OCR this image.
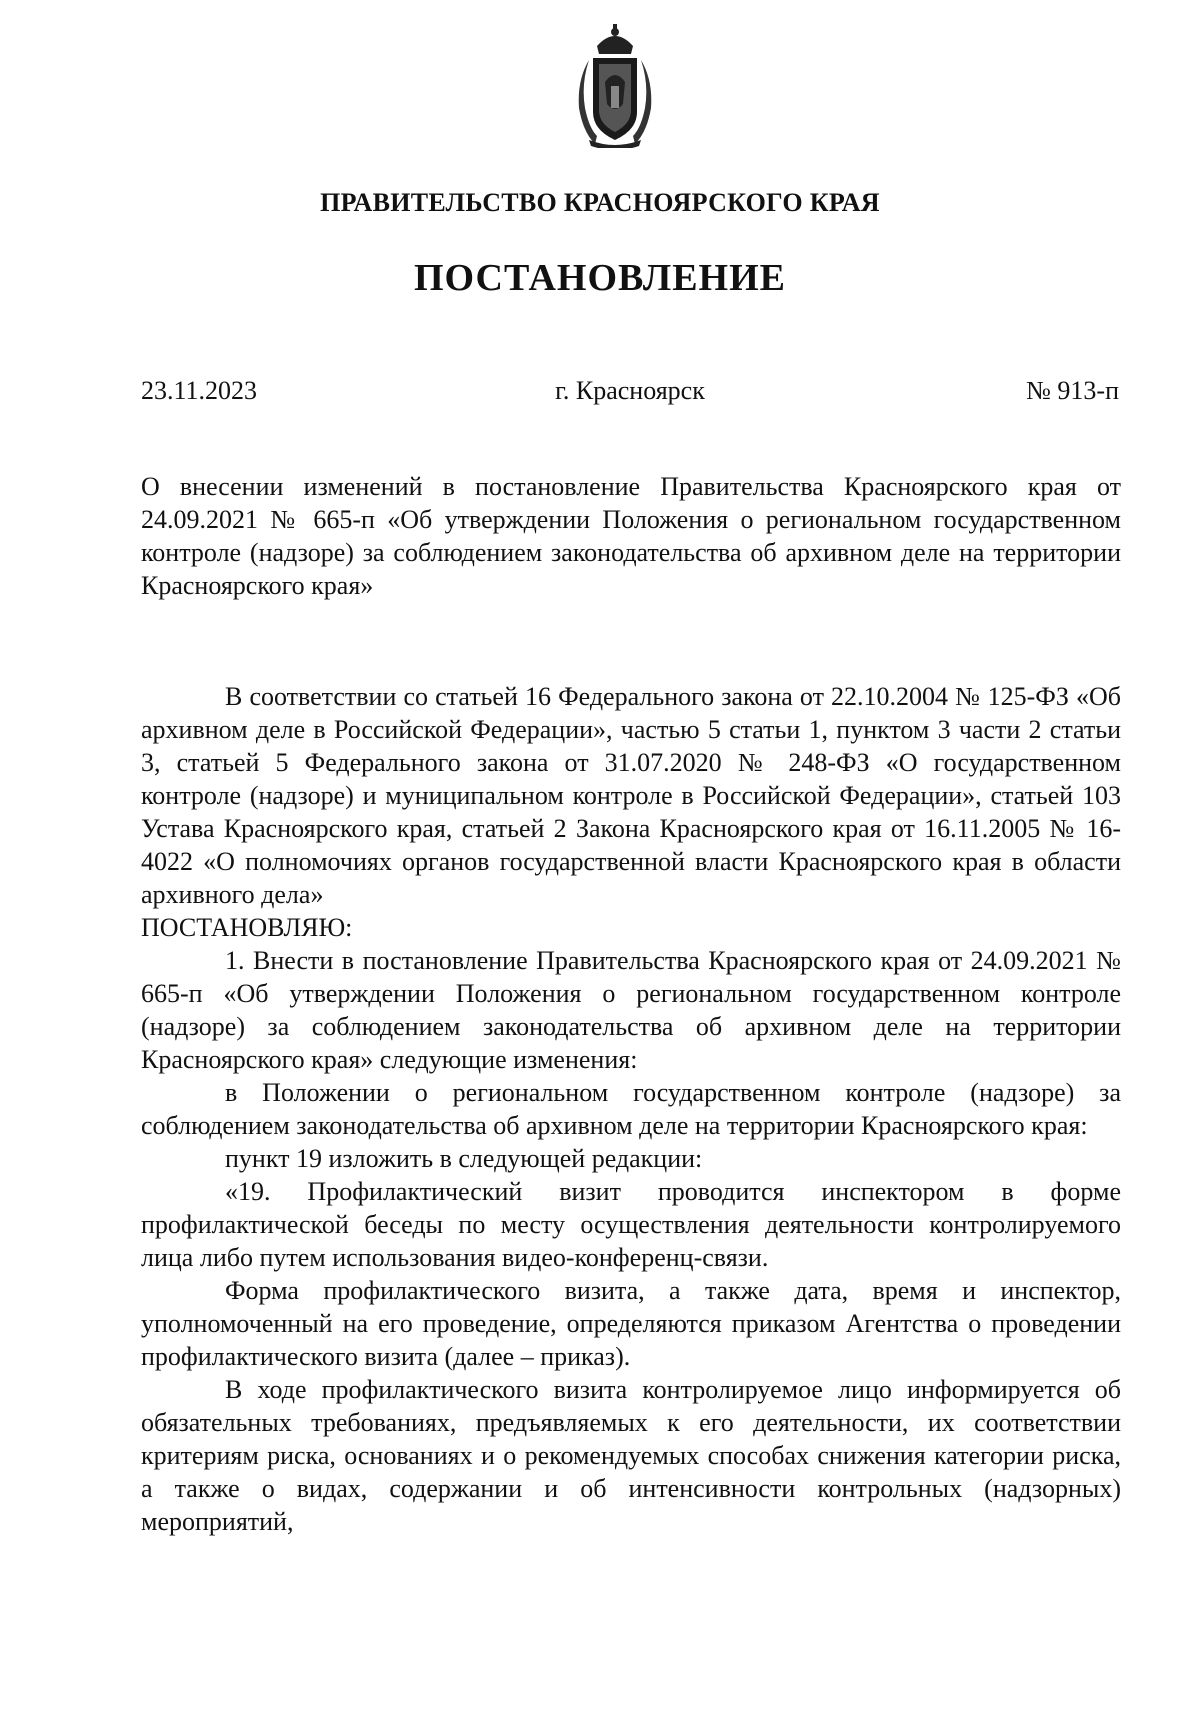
ПРАВИТЕЛЬСТВО КРАСНОЯРСКОГО КРАЯ
ПОСТАНОВЛЕНИЕ
23.11.2023	г. Красноярск	№ 913-п

О внесении изменений в постановление Правительства Красноярского края от 24.09.2021 № 665-п «Об утверждении Положения о региональном государственном контроле (надзоре) за соблюдением законодательства об архивном деле на территории Красноярского края»

В соответствии со статьей 16 Федерального закона от 22.10.2004 № 125-ФЗ «Об архивном деле в Российской Федерации», частью 5 статьи 1, пунктом 3 части 2 статьи 3, статьей 5 Федерального закона от 31.07.2020 № 248-ФЗ «О государственном контроле (надзоре) и муниципальном контроле в Российской Федерации», статьей 103 Устава Красноярского края, статьей 2 Закона Красноярского края от 16.11.2005 № 16-4022 «О полномочиях органов государственной власти Красноярского края в области архивного дела»

ПОСТАНОВЛЯЮ:

1. Внести в постановление Правительства Красноярского края от 24.09.2021 № 665-п «Об утверждении Положения о региональном государственном контроле (надзоре) за соблюдением законодательства об архивном деле на территории Красноярского края» следующие изменения:

в Положении о региональном государственном контроле (надзоре) за соблюдением законодательства об архивном деле на территории Красноярского края:

пункт 19 изложить в следующей редакции:

«19. Профилактический визит проводится инспектором в форме профилактической беседы по месту осуществления деятельности контролируемого лица либо путем использования видео-конференц-связи.

Форма профилактического визита, а также дата, время и инспектор, уполномоченный на его проведение, определяются приказом Агентства о проведении профилактического визита (далее – приказ).

В ходе профилактического визита контролируемое лицо информируется об обязательных требованиях, предъявляемых к его деятельности, их соответствии критериям риска, основаниях и о рекомендуемых способах снижения категории риска, а также о видах, содержании и об интенсивности контрольных (надзорных) мероприятий,
